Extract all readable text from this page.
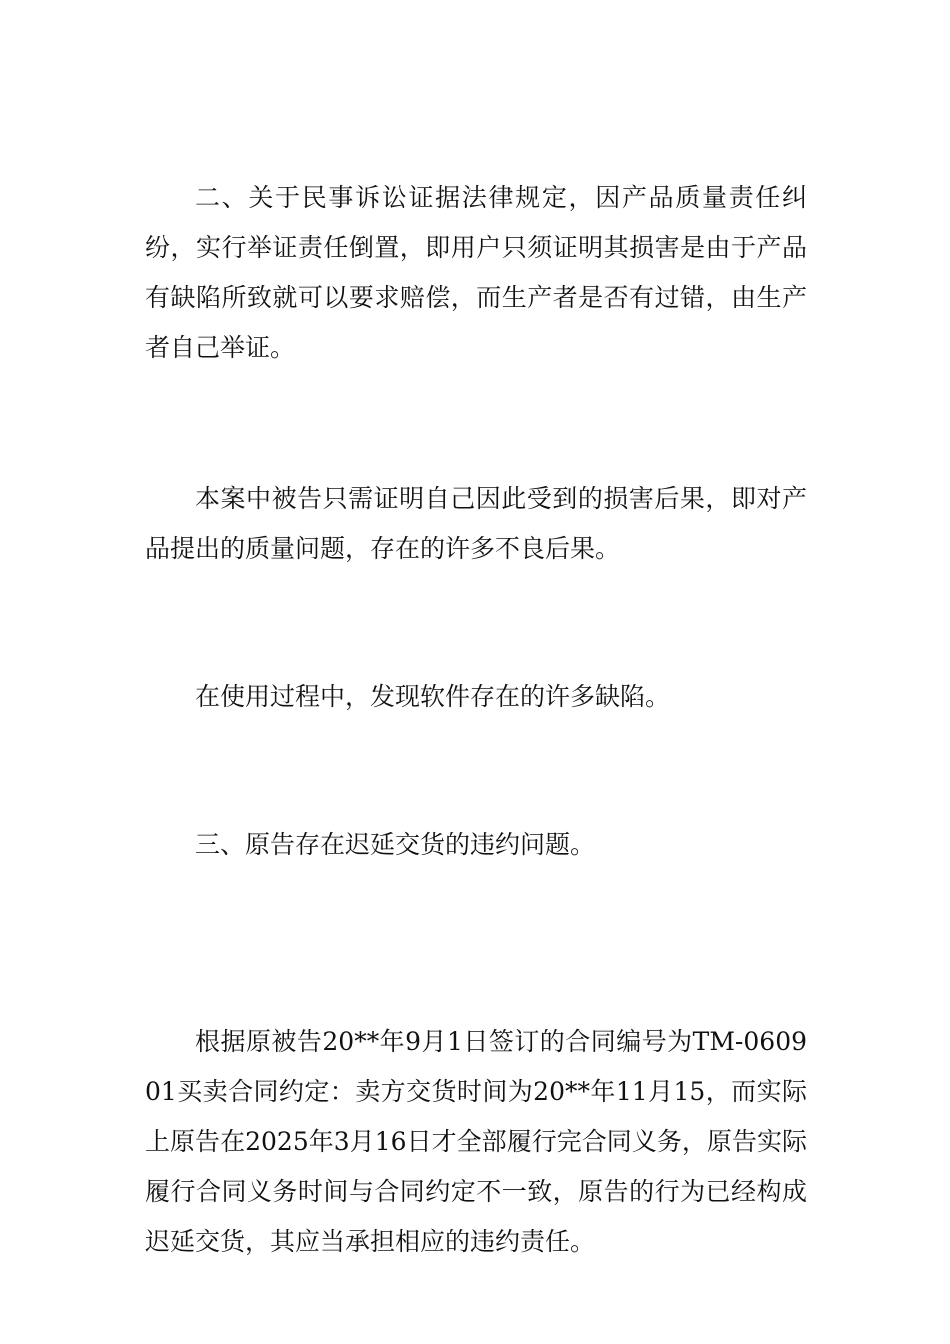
二、关于民事诉讼证据法律规定，因产品质量责任纠纷，实行举证责任倒置，即用户只须证明其损害是由于产品有缺陷所致就可以要求赔偿，而生产者是否有过错，由生产者自己举证。

本案中被告只需证明自己因此受到的损害后果，即对产品提出的质量问题，存在的许多不良后果。

在使用过程中，发现软件存在的许多缺陷。

三、原告存在迟延交货的违约问题。

根据原被告20**年9月1日签订的合同编号为TM-060901买卖合同约定：卖方交货时间为20**年11月15，而实际上原告在2025年3月16日才全部履行完合同义务，原告实际履行合同义务时间与合同约定不一致，原告的行为已经构成迟延交货，其应当承担相应的违约责任。
